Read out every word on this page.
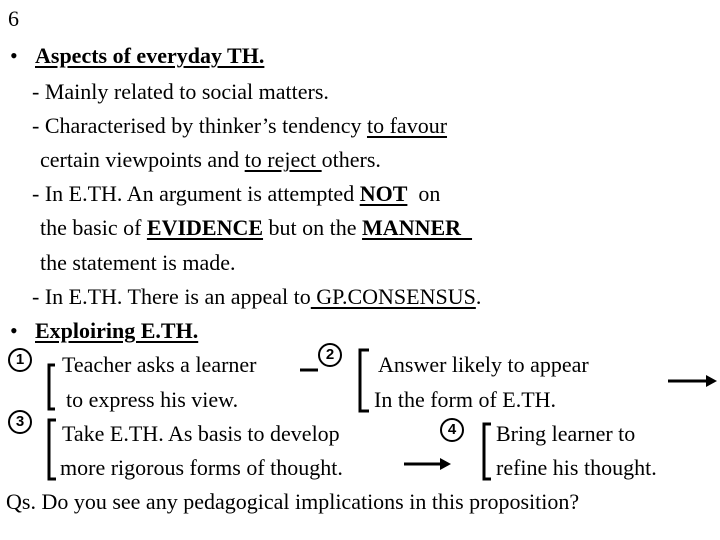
6
• Aspects of everyday TH.
- Mainly related to social matters.
- Characterised by thinker’s tendency to favour
certain viewpoints and to reject others.
- In E.TH. An argument is attempted NOT  on
the basic of EVIDENCE but on the MANNER
the statement is made.
- In E.TH. There is an appeal to GP.CONSENSUS.
• Exploiring E.TH.
1	Teacher asks a learner
to express his view.
2	Answer likely to appear
In the form of E.TH.
3	Take E.TH. As basis to develop
more rigorous forms of thought.
4	Bring learner to
refine his thought.
Qs. Do you see any pedagogical implications in this proposition?
